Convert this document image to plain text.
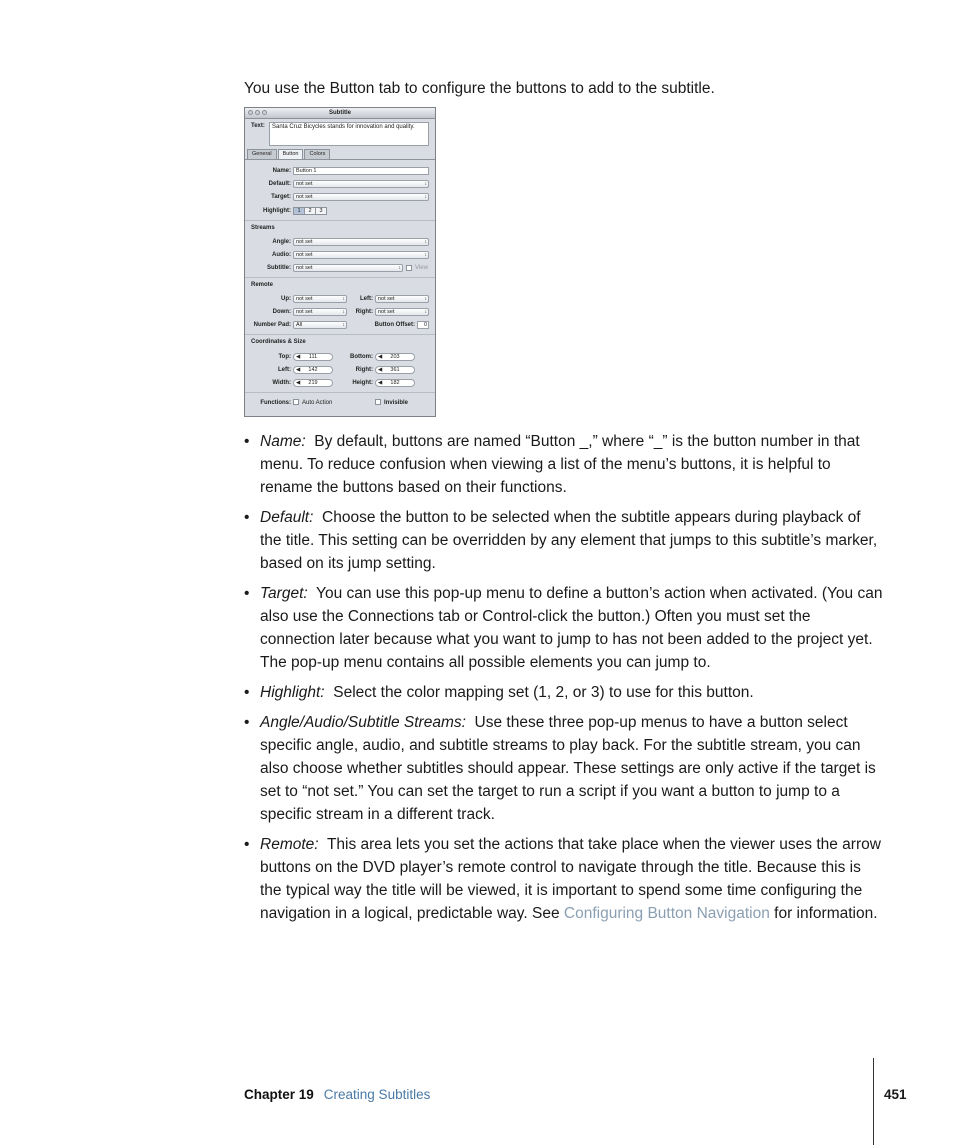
You use the Button tab to configure the buttons to add to the subtitle.

Subtitle
Text:	Santa Cruz Bicycles stands for innovation and quality.
General	Button	Colors
Name: Button 1
Default: not set ↕
Target: not set ↕
Highlight:	1	2	3
Streams
Angle: not set ↕
Audio: not set ↕
Subtitle: not set ↕	View
Remote
Up: not set ↕	Left: not set ↕
Down: not set ↕	Right: not set ↕
Number Pad: All ↕	Button Offset:	0
Coordinates & Size
Top: ◀ 111	Bottom: ◀ 203
Left: ◀ 142	Right: ◀ 361
Width: ◀ 219	Height: ◀ 182
Functions: Auto Action	Invisible
• Name: By default, buttons are named “Button _,” where “_” is the button number in that menu. To reduce confusion when viewing a list of the menu’s buttons, it is helpful to rename the buttons based on their functions.
• Default: Choose the button to be selected when the subtitle appears during playback of the title. This setting can be overridden by any element that jumps to this subtitle’s marker, based on its jump setting.
• Target: You can use this pop-up menu to define a button’s action when activated. (You can also use the Connections tab or Control-click the button.) Often you must set the connection later because what you want to jump to has not been added to the project yet. The pop-up menu contains all possible elements you can jump to.
• Highlight: Select the color mapping set (1, 2, or 3) to use for this button.
• Angle/Audio/Subtitle Streams: Use these three pop-up menus to have a button select specific angle, audio, and subtitle streams to play back. For the subtitle stream, you can also choose whether subtitles should appear. These settings are only active if the target is set to “not set.” You can set the target to run a script if you want a button to jump to a specific stream in a different track.
• Remote: This area lets you set the actions that take place when the viewer uses the arrow buttons on the DVD player’s remote control to navigate through the title. Because this is the typical way the title will be viewed, it is important to spend some time configuring the navigation in a logical, predictable way. See Configuring Button Navigation for information.
Chapter 19 Creating Subtitles	451
